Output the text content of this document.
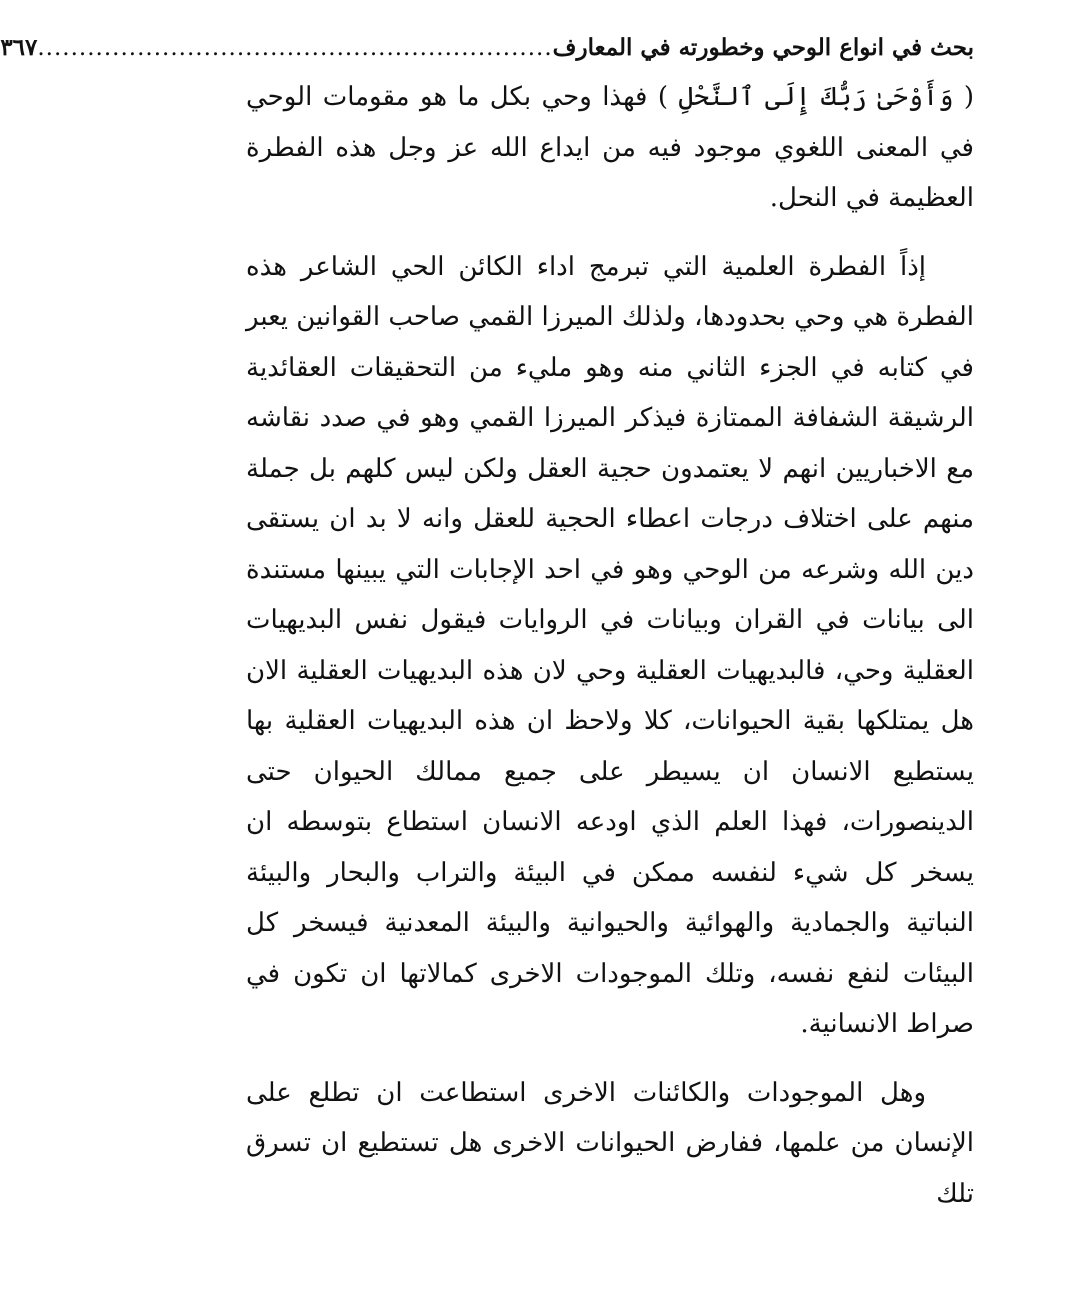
بحث في انواع الوحي وخطورته في المعارف
..............................................................
٣٦٧

( وَأَوْحَىٰ رَبُّكَ إِلَى ٱلنَّحْلِ ) فهذا وحي بكل ما هو مقومات الوحي في المعنى اللغوي موجود فيه من ايداع الله عز وجل هذه الفطرة العظيمة في النحل.

إذاً الفطرة العلمية التي تبرمج اداء الكائن الحي الشاعر هذه الفطرة هي وحي بحدودها، ولذلك الميرزا القمي صاحب القوانين يعبر في كتابه في الجزء الثاني منه وهو مليء من التحقيقات العقائدية الرشيقة الشفافة الممتازة فيذكر الميرزا القمي وهو في صدد نقاشه مع الاخباريين انهم لا يعتمدون حجية العقل ولكن ليس كلهم بل جملة منهم على اختلاف درجات اعطاء الحجية للعقل وانه لا بد ان يستقى دين الله وشرعه من الوحي وهو في احد الإجابات التي يبينها مستندة الى بيانات في القران وبيانات في الروايات فيقول نفس البديهيات العقلية وحي، فالبديهيات العقلية وحي لان هذه البديهيات العقلية الان هل يمتلكها بقية الحيوانات، كلا ولاحظ ان هذه البديهيات العقلية بها يستطيع الانسان ان يسيطر على جميع ممالك الحيوان حتى الدينصورات، فهذا العلم الذي اودعه الانسان استطاع بتوسطه ان يسخر كل شيء لنفسه ممكن في البيئة والتراب والبحار والبيئة النباتية والجمادية والهوائية والحيوانية والبيئة المعدنية فيسخر كل البيئات لنفع نفسه، وتلك الموجودات الاخرى كمالاتها ان تكون في صراط الانسانية.

وهل الموجودات والكائنات الاخرى استطاعت ان تطلع على الإنسان من علمها، ففارض الحيوانات الاخرى هل تستطيع ان تسرق تلك
